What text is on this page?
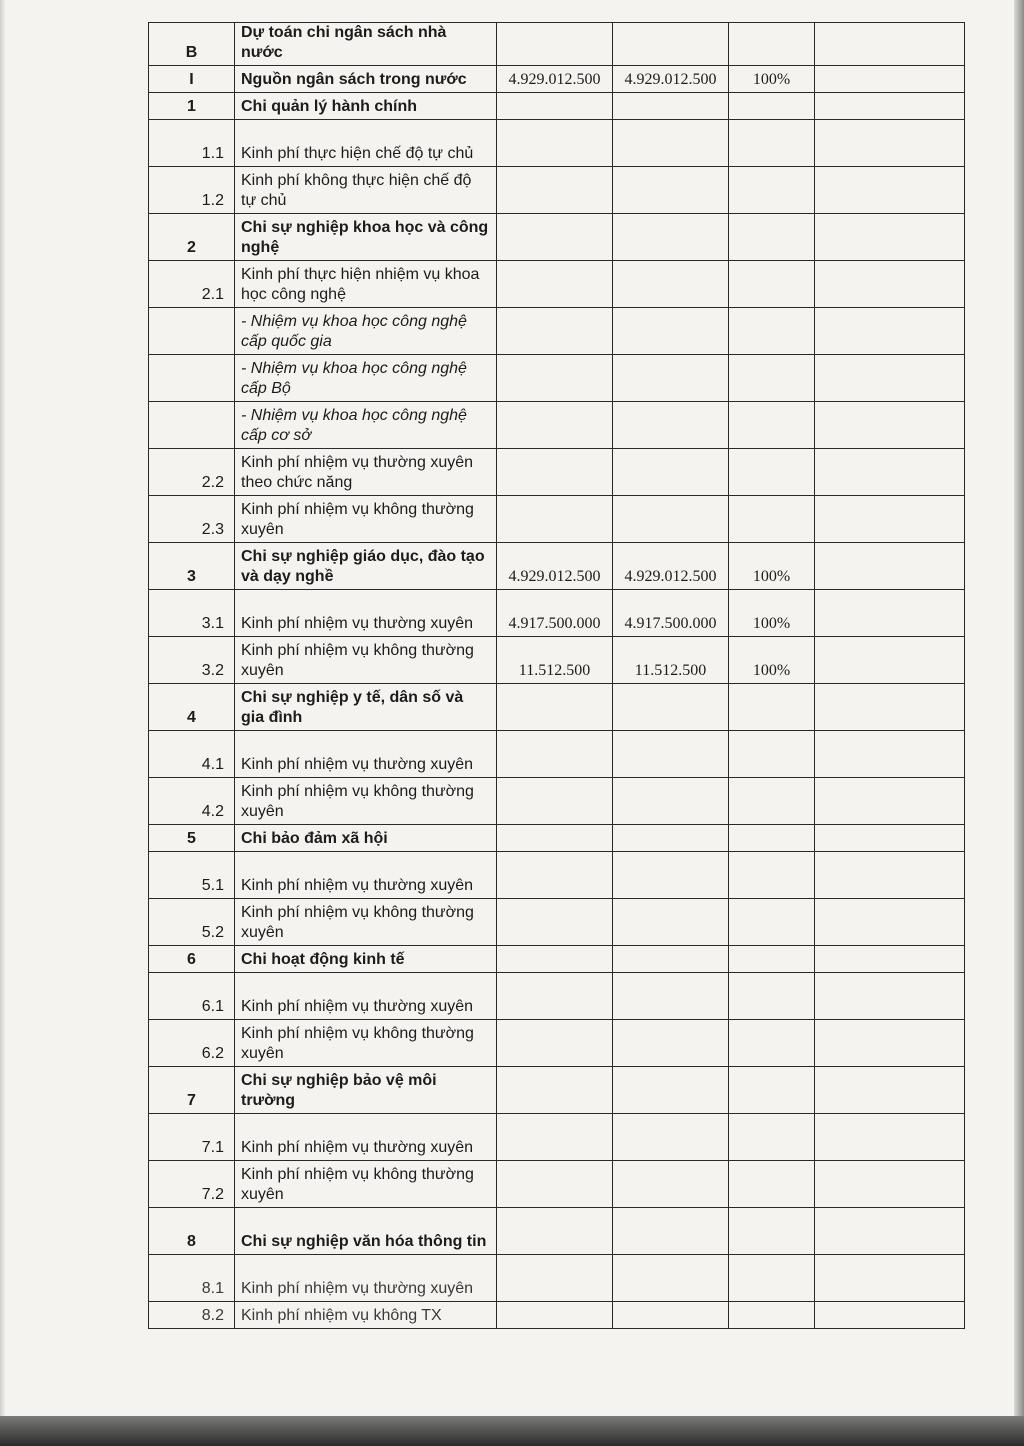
B	Dự toán chi ngân sách nhà nước				
I	Nguồn ngân sách trong nước	4.929.012.500	4.929.012.500	100%	
1	Chi quản lý hành chính				
1.1	Kinh phí thực hiện chế độ tự chủ				
1.2	Kinh phí không thực hiện chế độ tự chủ				
2	Chi sự nghiệp khoa học và công nghệ				
2.1	Kinh phí thực hiện nhiệm vụ khoa học công nghệ				
	- Nhiệm vụ khoa học công nghệ cấp quốc gia				
	- Nhiệm vụ khoa học công nghệ cấp Bộ				
	- Nhiệm vụ khoa học công nghệ cấp cơ sở				
2.2	Kinh phí nhiệm vụ thường xuyên theo chức năng				
2.3	Kinh phí nhiệm vụ không thường xuyên				
3	Chi sự nghiệp giáo dục, đào tạo và dạy nghề	4.929.012.500	4.929.012.500	100%	
3.1	Kinh phí nhiệm vụ thường xuyên	4.917.500.000	4.917.500.000	100%	
3.2	Kinh phí nhiệm vụ không thường xuyên	11.512.500	11.512.500	100%	
4	Chi sự nghiệp y tế, dân số và gia đình				
4.1	Kinh phí nhiệm vụ thường xuyên				
4.2	Kinh phí nhiệm vụ không thường xuyên				
5	Chi bảo đảm xã hội				
5.1	Kinh phí nhiệm vụ thường xuyên				
5.2	Kinh phí nhiệm vụ không thường xuyên				
6	Chi hoạt động kinh tế				
6.1	Kinh phí nhiệm vụ thường xuyên				
6.2	Kinh phí nhiệm vụ không thường xuyên				
7	Chi sự nghiệp bảo vệ môi trường				
7.1	Kinh phí nhiệm vụ thường xuyên				
7.2	Kinh phí nhiệm vụ không thường xuyên				
8	Chi sự nghiệp văn hóa thông tin				
8.1	Kinh phí nhiệm vụ thường xuyên				
8.2	Kinh phí nhiệm vụ không TX				
